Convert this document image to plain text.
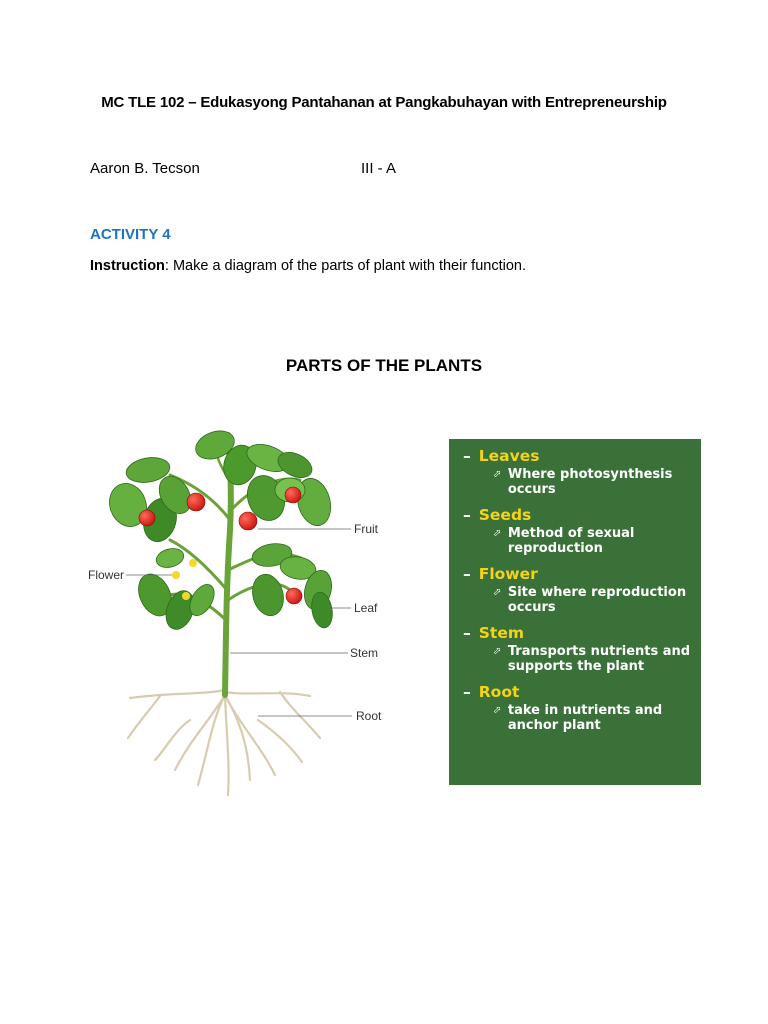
MC TLE 102 – Edukasyong Pantahanan at Pangkabuhayan with Entrepreneurship
Aaron B. Tecson	III - A
ACTIVITY 4
Instruction: Make a diagram of the parts of plant with their function.
PARTS OF THE PLANTS
Fruit
Flower
Leaf
Stem
Root
– Leaves
⬀ Where photosynthesis occurs
– Seeds
⬀ Method of sexual reproduction
– Flower
⬀ Site where reproduction occurs
– Stem
⬀ Transports nutrients and supports the plant
– Root
⬀ take in nutrients and anchor plant
